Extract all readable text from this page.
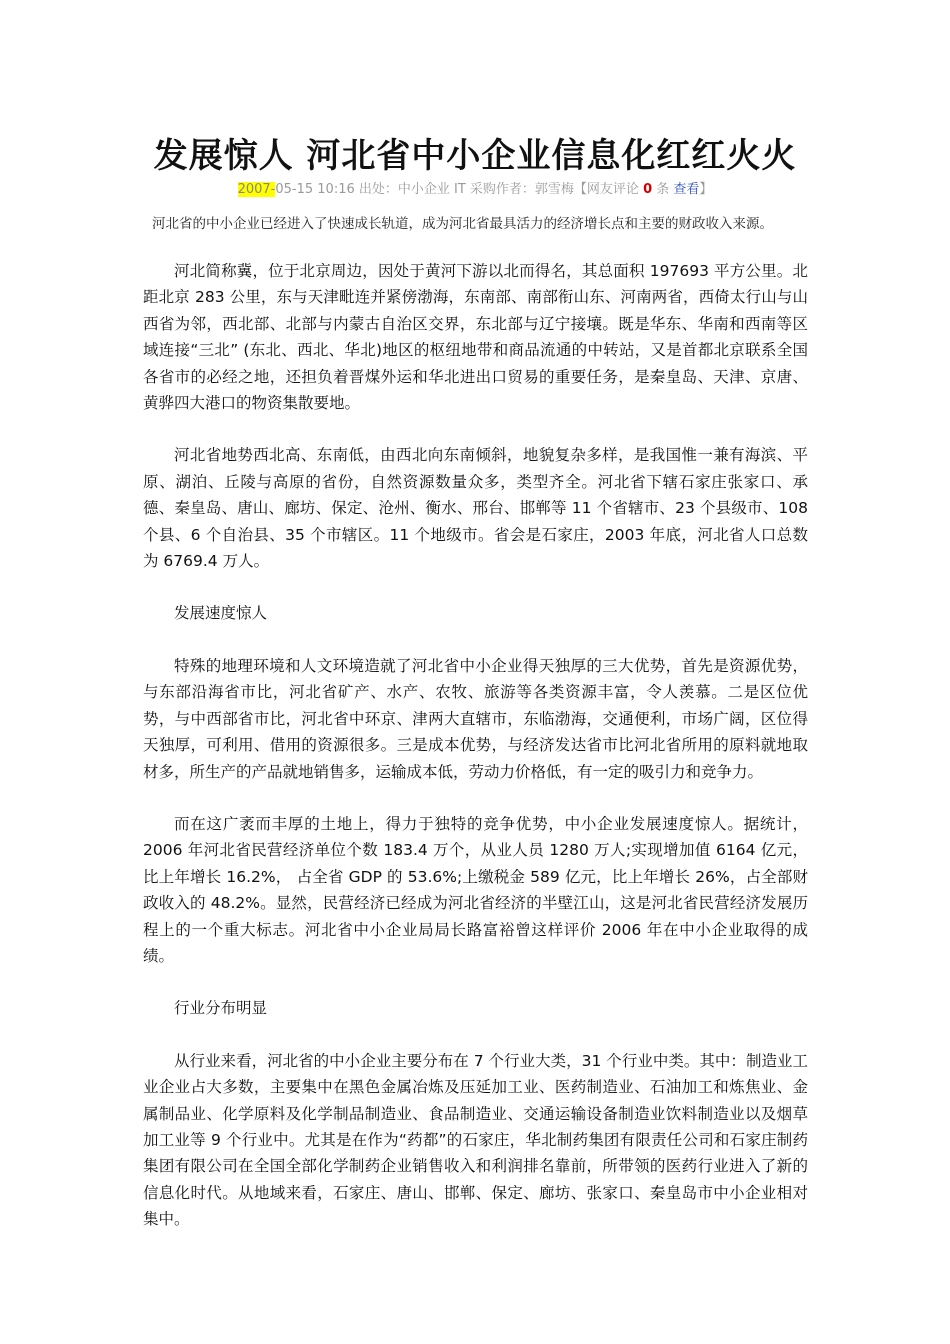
发展惊人 河北省中小企业信息化红红火火
2007-05-15 10:16 出处：中小企业 IT 采购作者：郭雪梅【网友评论 0 条 查看】

河北省的中小企业已经进入了快速成长轨道，成为河北省最具活力的经济增长点和主要的财政收入来源。

河北简称冀，位于北京周边，因处于黄河下游以北而得名，其总面积 197693 平方公里。北距北京 283 公里，东与天津毗连并紧傍渤海，东南部、南部衔山东、河南两省，西倚太行山与山西省为邻，西北部、北部与内蒙古自治区交界，东北部与辽宁接壤。既是华东、华南和西南等区域连接“三北” (东北、西北、华北)地区的枢纽地带和商品流通的中转站，又是首都北京联系全国各省市的必经之地，还担负着晋煤外运和华北进出口贸易的重要任务，是秦皇岛、天津、京唐、黄骅四大港口的物资集散要地。

河北省地势西北高、东南低，由西北向东南倾斜，地貌复杂多样，是我国惟一兼有海滨、平原、湖泊、丘陵与高原的省份，自然资源数量众多，类型齐全。河北省下辖石家庄张家口、承德、秦皇岛、唐山、廊坊、保定、沧州、衡水、邢台、邯郸等 11 个省辖市、23 个县级市、108 个县、6 个自治县、35 个市辖区。11 个地级市。省会是石家庄，2003 年底，河北省人口总数为 6769.4 万人。

发展速度惊人

特殊的地理环境和人文环境造就了河北省中小企业得天独厚的三大优势，首先是资源优势，与东部沿海省市比，河北省矿产、水产、农牧、旅游等各类资源丰富，令人羡慕。二是区位优势，与中西部省市比，河北省中环京、津两大直辖市，东临渤海，交通便利，市场广阔，区位得天独厚，可利用、借用的资源很多。三是成本优势，与经济发达省市比河北省所用的原料就地取材多，所生产的产品就地销售多，运输成本低，劳动力价格低，有一定的吸引力和竞争力。

而在这广袤而丰厚的土地上，得力于独特的竞争优势，中小企业发展速度惊人。据统计，2006 年河北省民营经济单位个数 183.4 万个，从业人员 1280 万人;实现增加值 6164 亿元，比上年增长 16.2%， 占全省 GDP 的 53.6%;上缴税金 589 亿元，比上年增长 26%，占全部财政收入的 48.2%。显然，民营经济已经成为河北省经济的半壁江山，这是河北省民营经济发展历程上的一个重大标志。河北省中小企业局局长路富裕曾这样评价 2006 年在中小企业取得的成绩。

行业分布明显

从行业来看，河北省的中小企业主要分布在 7 个行业大类，31 个行业中类。其中：制造业工业企业占大多数，主要集中在黑色金属冶炼及压延加工业、医药制造业、石油加工和炼焦业、金属制品业、化学原料及化学制品制造业、食品制造业、交通运输设备制造业饮料制造业以及烟草加工业等 9 个行业中。尤其是在作为“药都”的石家庄，华北制药集团有限责任公司和石家庄制药集团有限公司在全国全部化学制药企业销售收入和利润排名靠前，所带领的医药行业进入了新的信息化时代。从地域来看，石家庄、唐山、邯郸、保定、廊坊、张家口、秦皇岛市中小企业相对集中。
